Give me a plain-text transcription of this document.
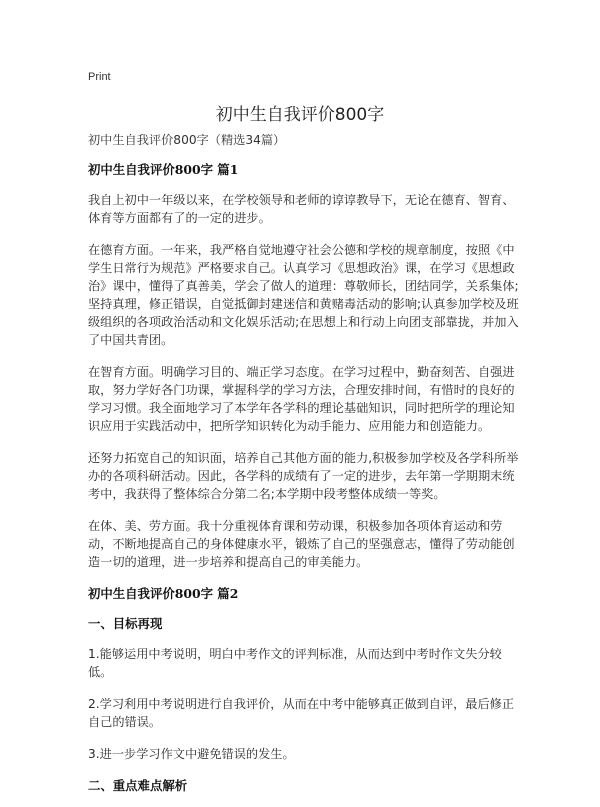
Print
初中生自我评价800字

初中生自我评价800字（精选34篇）

初中生自我评价800字 篇1

我自上初中一年级以来，在学校领导和老师的谆谆教导下，无论在德育、智育、体育等方面都有了的一定的进步。

在德育方面。一年来，我严格自觉地遵守社会公德和学校的规章制度，按照《中学生日常行为规范》严格要求自己。认真学习《思想政治》课，在学习《思想政治》课中，懂得了真善美，学会了做人的道理：尊敬师长，团结同学，关系集体;坚持真理，修正错误，自觉抵御封建迷信和黄赌毒活动的影响;认真参加学校及班级组织的各项政治活动和文化娱乐活动;在思想上和行动上向团支部靠拢，并加入了中国共青团。

在智育方面。明确学习目的、端正学习态度。在学习过程中，勤奋刻苦、自强进取，努力学好各门功课，掌握科学的学习方法，合理安排时间，有惜时的良好的学习习惯。我全面地学习了本学年各学科的理论基础知识，同时把所学的理论知识应用于实践活动中，把所学知识转化为动手能力、应用能力和创造能力。

还努力拓宽自己的知识面，培养自己其他方面的能力,积极参加学校及各学科所举办的各项科研活动。因此，各学科的成绩有了一定的进步，去年第一学期期末统考中，我获得了整体综合分第二名;本学期中段考整体成绩一等奖。

在体、美、劳方面。我十分重视体育课和劳动课，积极参加各项体育运动和劳动，不断地提高自己的身体健康水平，锻炼了自己的坚强意志，懂得了劳动能创造一切的道理，进一步培养和提高自己的审美能力。

初中生自我评价800字 篇2

一、目标再现

1.能够运用中考说明，明白中考作文的评判标准，从而达到中考时作文失分较低。

2.学习利用中考说明进行自我评价，从而在中考中能够真正做到自评，最后修正自己的错误。

3.进一步学习作文中避免错误的发生。

二、重点难点解析
